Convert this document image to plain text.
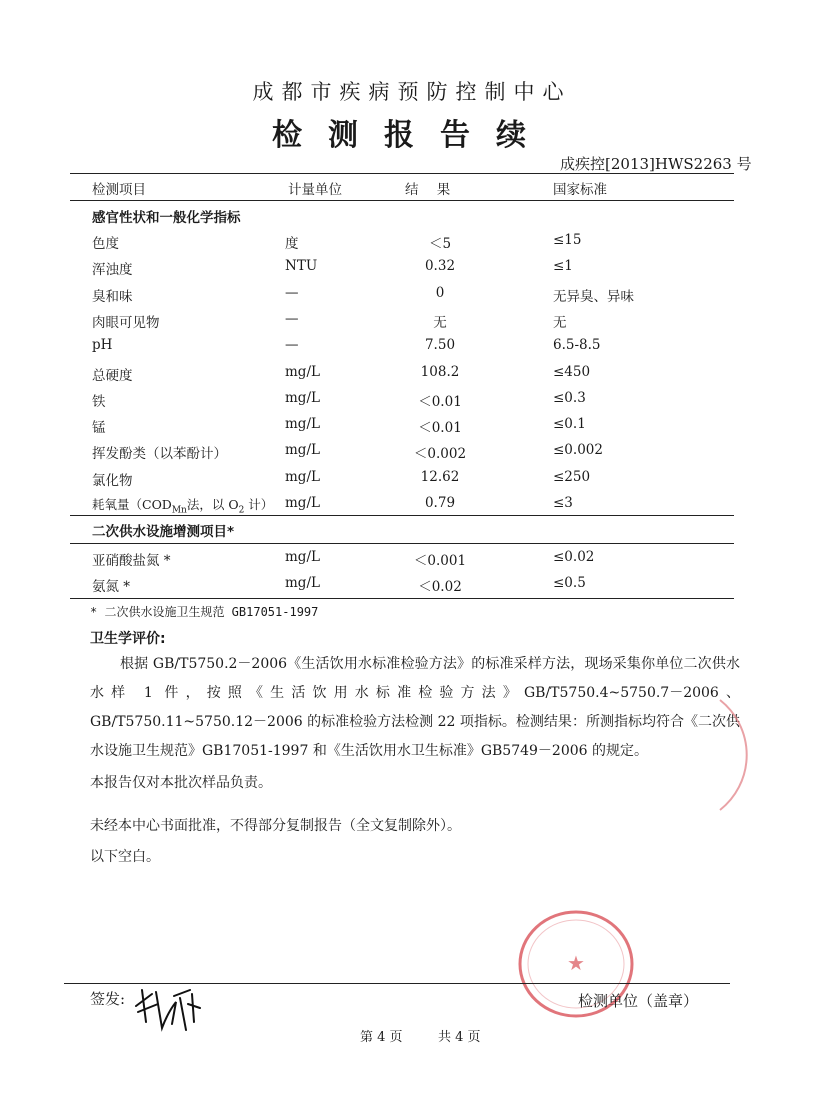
成都市疾病预防控制中心
检测报告续
成疾控[2013]HWS2263 号
检测项目	计量单位	结 果	国家标准
感官性状和一般化学指标
色度	度	＜5	≤15
浑浊度	NTU	0.32	≤1
臭和味	—	0	无异臭、异味
肉眼可见物	—	无	无
pH	—	7.50	6.5-8.5
总硬度	mg/L	108.2	≤450
铁	mg/L	＜0.01	≤0.3
锰	mg/L	＜0.01	≤0.1
挥发酚类（以苯酚计）	mg/L	＜0.002	≤0.002
氯化物	mg/L	12.62	≤250
耗氧量（$COD_{Mn}$法，以 $O_2$ 计） mg/L	0.79	≤3
二次供水设施增测项目*
亚硝酸盐氮 *	mg/L	＜0.001	≤0.02
氨氮 *	mg/L	＜0.02	≤0.5
* 二次供水设施卫生规范 GB17051-1997
卫生学评价:
根据 GB/T5750.2－2006《生活饮用水标准检验方法》的标准采样方法，现场采集你单位二次供水水样 1 件，按照《生活饮用水标准检验方法》GB/T5750.4~5750.7－2006、GB/T5750.11~5750.12－2006 的标准检验方法检测 22 项指标。检测结果：所测指标均符合《二次供水设施卫生规范》GB17051-1997 和《生活饮用水卫生标准》GB5749－2006 的规定。
本报告仅对本批次样品负责。
未经本中心书面批准，不得部分复制报告（全文复制除外）。
以下空白。
★
签发:	检测单位（盖章）
第 4 页	共 4 页
